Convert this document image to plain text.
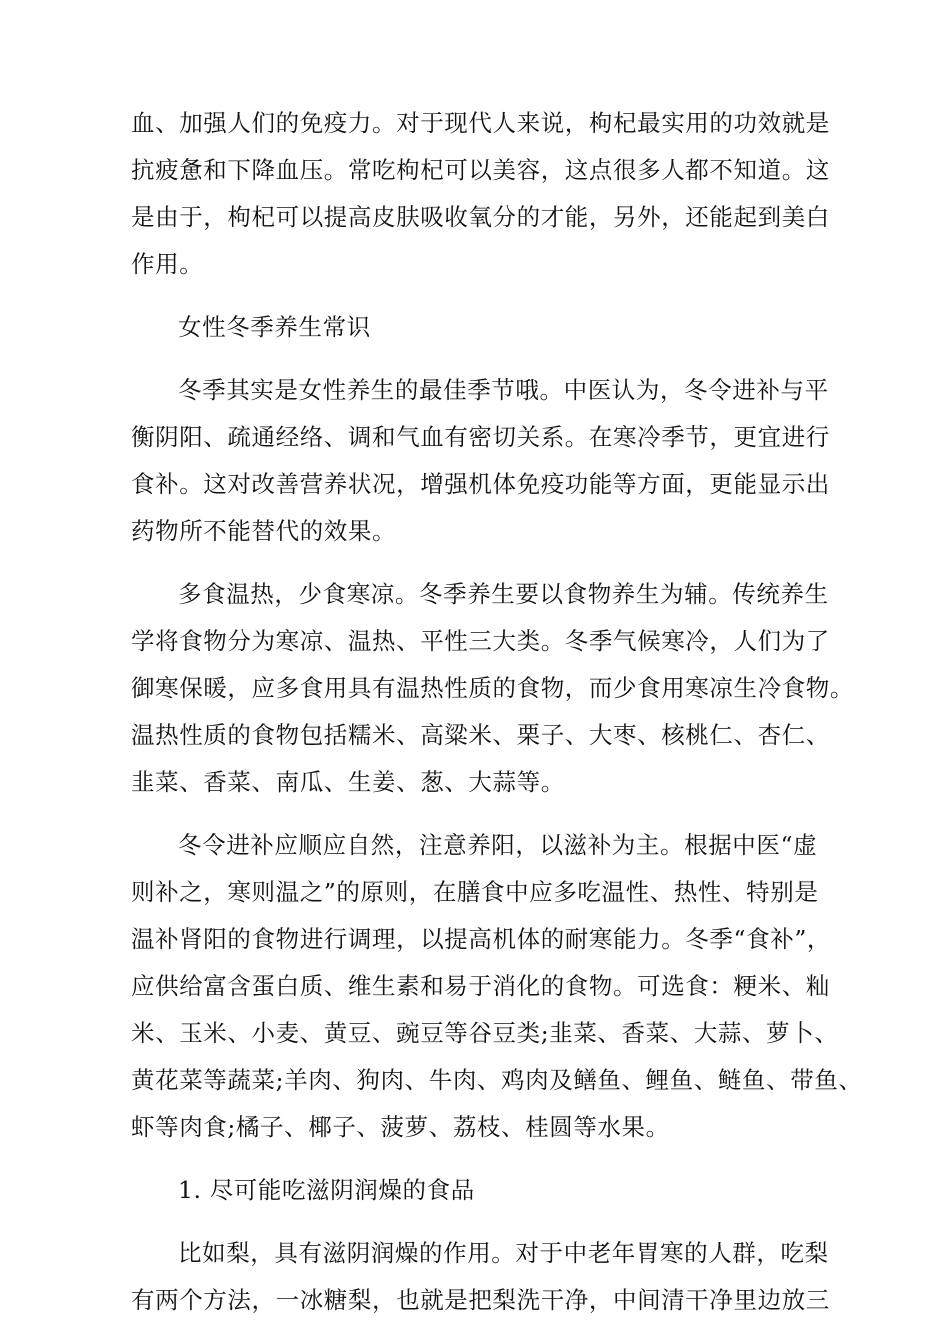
血、加强人们的免疫力。对于现代人来说，枸杞最实用的功效就是
抗疲惫和下降血压。常吃枸杞可以美容，这点很多人都不知道。这
是由于，枸杞可以提高皮肤吸收氧分的才能，另外，还能起到美白
作用。
女性冬季养生常识
冬季其实是女性养生的最佳季节哦。中医认为，冬令进补与平
衡阴阳、疏通经络、调和气血有密切关系。在寒冷季节，更宜进行
食补。这对改善营养状况，增强机体免疫功能等方面，更能显示出
药物所不能替代的效果。
多食温热，少食寒凉。冬季养生要以食物养生为辅。传统养生
学将食物分为寒凉、温热、平性三大类。冬季气候寒冷，人们为了
御寒保暖，应多食用具有温热性质的食物，而少食用寒凉生冷食物。
温热性质的食物包括糯米、高粱米、栗子、大枣、核桃仁、杏仁、
韭菜、香菜、南瓜、生姜、葱、大蒜等。
冬令进补应顺应自然，注意养阳，以滋补为主。根据中医“虚
则补之，寒则温之”的原则，在膳食中应多吃温性、热性、特别是
温补肾阳的食物进行调理，以提高机体的耐寒能力。冬季“食补”，
应供给富含蛋白质、维生素和易于消化的食物。可选食：粳米、籼
米、玉米、小麦、黄豆、豌豆等谷豆类;韭菜、香菜、大蒜、萝卜、
黄花菜等蔬菜;羊肉、狗肉、牛肉、鸡肉及鳝鱼、鲤鱼、鲢鱼、带鱼、
虾等肉食;橘子、椰子、菠萝、荔枝、桂圆等水果。
1. 尽可能吃滋阴润燥的食品
比如梨，具有滋阴润燥的作用。对于中老年胃寒的人群，吃梨
有两个方法，一冰糖梨，也就是把梨洗干净，中间清干净里边放三
